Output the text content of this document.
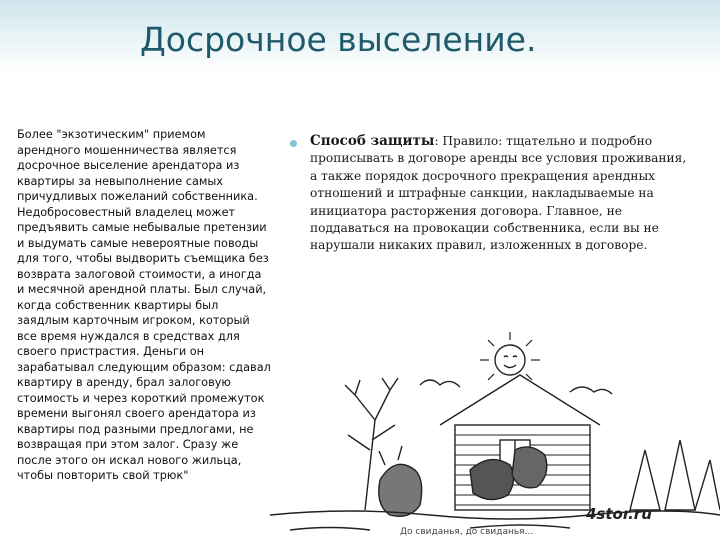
Досрочное выселение.
Более "экзотическим" приемом арендного мошенничества является досрочное выселение арендатора из квартиры за невыполнение самых причудливых пожеланий собственника. Недобросовестный владелец может предъявить самые небывалые претензии и выдумать самые невероятные поводы для того, чтобы выдворить съемщика без возврата залоговой стоимости, а иногда и месячной арендной платы. Был случай, когда собственник квартиры был заядлым карточным игроком, который все время нуждался в средствах для своего пристрастия. Деньги он зарабатывал следующим образом: сдавал квартиру в аренду, брал залоговую стоимость и через короткий промежуток времени выгонял своего арендатора из квартиры под разными предлогами, не возвращая при этом залог. Сразу же после этого он искал нового жильца, чтобы повторить свой трюк"
Способ защиты: Правило: тщательно и подробно прописывать в договоре аренды все условия проживания, а также порядок досрочного прекращения арендных отношений и штрафные санкции, накладываемые на инициатора расторжения договора. Главное, не поддаваться на провокации собственника, если вы не нарушали никаких правил, изложенных в договоре.
4stor.ru
До свиданья, до свиданья...
